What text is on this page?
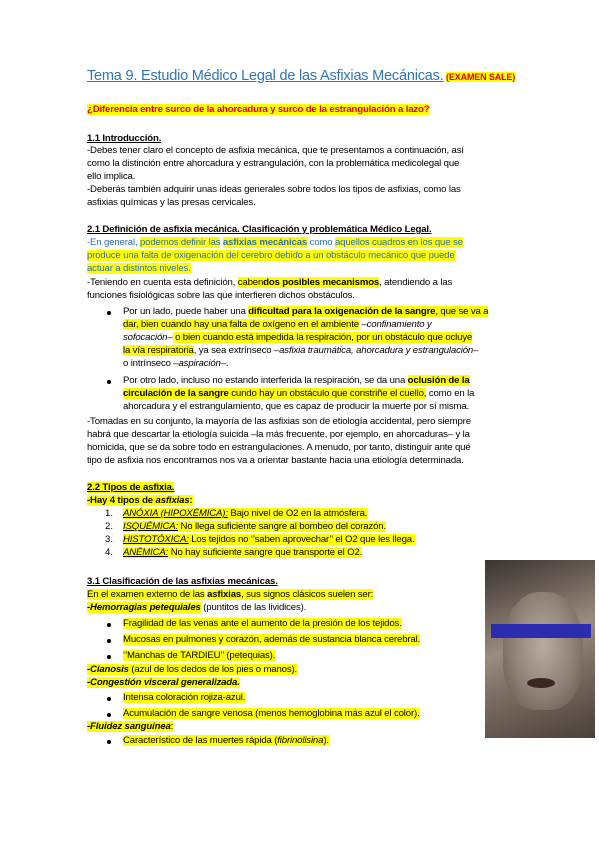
Tema 9. Estudio Médico Legal de las Asfixias Mecánicas. (EXAMEN SALE)
¿Diferencia entre surco de la ahorcadura y surco de la estrangulación a lazo?
1.1 Introducción.
-Debes tener claro el concepto de asfixia mecánica, que te presentamos a continuación, así
como la distinción entre ahorcadura y estrangulación, con la problemática medicolegal que
ello implica.
-Deberás también adquirir unas ideas generales sobre todos los tipos de asfixias, como las
asfixias químicas y las presas cervicales.
2.1 Definición de asfixia mecánica. Clasificación y problemática Médico Legal.
-En general, podemos definir las asfixias mecánicas como aquellos cuadros en los que se
produce una falta de oxigenación del cerebro debido a un obstáculo mecánico que puede
actuar a distintos niveles.
-Teniendo en cuenta esta definición, cabendos posibles mecanismos, atendiendo a las
funciones fisiológicas sobre las que interfieren dichos obstáculos.
Por un lado, puede haber una dificultad para la oxigenación de la sangre, que se va a
dar, bien cuando hay una falta de oxígeno en el ambiente –confinamiento y
sofocación– o bien cuando está impedida la respiración, por un obstáculo que ocluye
la vía respiratoria, ya sea extrínseco –asfixia traumática, ahorcadura y estrangulación–
o intrínseco –aspiración–.
Por otro lado, incluso no estando interferida la respiración, se da una oclusión de la
circulación de la sangre cundo hay un obstáculo que constriñe el cuello, como en la
ahorcadura y el estrangulamiento, que es capaz de producir la muerte por sí misma.
-Tomadas en su conjunto, la mayoría de las asfixias son de etiología accidental, pero siempre
habrá que descartar la etiología suicida –la más frecuente, por ejemplo, en ahorcaduras– y la
homicida, que se da sobre todo en estrangulaciones. A menudo, por tanto, distinguir ante qué
tipo de asfixia nos encontramos nos va a orientar bastante hacia una etiología determinada.
2.2 Tipos de asfixia.
-Hay 4 tipos de asfixias:
1. ANÓXIA (HIPOXÉMICA): Bajo nivel de O2 en la atmósfera.
2. ISQUÉMICA: No llega suficiente sangre al bombeo del corazón.
3. HISTOTÓXICA: Los tejidos no ‘’saben aprovechar’’ el O2 que les llega.
4. ANÉMICA: No hay suficiente sangre que transporte el O2.
3.1 Clasificación de las asfixias mecánicas.
En el examen externo de las asfixias, sus signos clásicos suelen ser:
-Hemorragias petequiales (puntitos de las lividices).
Fragilidad de las venas ante el aumento de la presión de los tejidos.
Mucosas en pulmones y corazón, además de sustancia blanca cerebral.
‘’Manchas de TARDIEU’’ (petequias).
-Cianosis (azul de los dedos de los pies o manos).
-Congestión visceral generalizada.
Intensa coloración rojiza-azul.
Acumulación de sangre venosa (menos hemoglobina más azul el color).
-Fluidez sanguínea:
Característico de las muertes rápida (fibrinolisina).
